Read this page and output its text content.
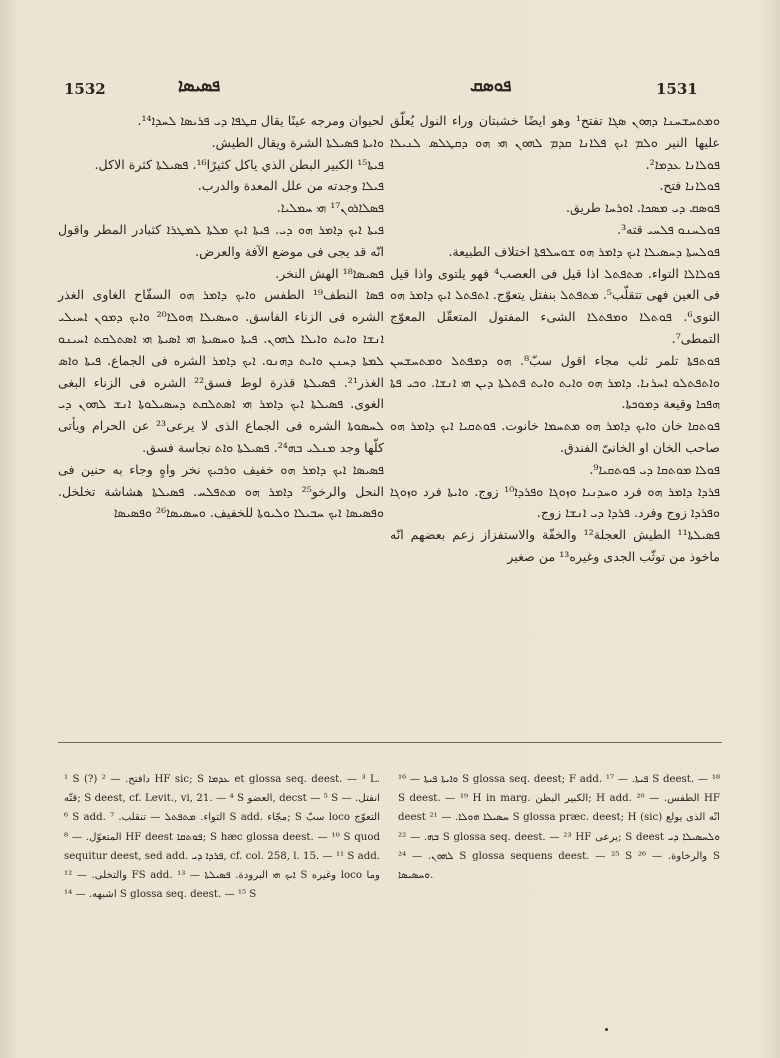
1532	ܦܣܝܣܐ	ܦܘܣܩ	1531

لحيوان ومرجه عينًا يقال ܩܛܦܐ ܕܝ ܦܪܝܣܐ ܠܚܕܐ¹⁴.

ܘܐܝܬܐ ܦܣܝܠܬܐ الشرة ويقال الطيش.

ܦܝܬܐ¹⁵ الكبير البطن الذي ياكل كثيرًا¹⁶. ܦܣܝܠܬܐ كثرة الاكل.

ܦܝܠܐ وجدته من علل المعدة والدرب.

ܦܣܠܐܪܘܢ¹⁷ ܗܝ ܚܡܠܝܐ.

ܦܝܬܐ ܐܝܟ ܕܐܡܪ ܗܘ ܕܝ. ܦܝܬܐ ܐܝܟ ܡܠܬܐ ܠܡܛܪܐ كثبادر المطر واقول انّه قد يجى فى موضع الآفة والعرض.

ܦܣܝܣܐ¹⁸ الهش النخر.

ܦܣܐ النطف¹⁹ الطفس ܘܐܝܟ ܕܐܡܪ ܗܘ السفّاح الغاوى الغذر الشره فى الزناء الفاسق. ܘܚܣܝܠܐ ܗܘܠܐ²⁰ ܘܐܝܟ ܕܡܘܢ ܐܚܝܠܝ ܐܢܫܐ ܘܐܝܬ ܘܐܝܠܐ ܠܗܘܢ. ܦܝܬܐ ܘܚܣܝܬܐ ܗܝ ܐܣܝܬܐ ܗܝ ܐܣܬܠܩܬ ܐܚܝܢܘ ܠܡܬܐ ܕܚܢܢ ܘܐܝܬ ܕܗܢܘ. ܐܝܟ ܕܐܡܪ الشره فى الجماع. ܦܝܬܐ ܘܐܣ الغذر²¹. ܦܣܝܠܬܐ قذرة لوط فسق²² الشره فى الزناء البغى الغوى. ܦܣܝܠܬܐ ܐܝܟ ܕܐܡܪ ܗܝ ܐܣܬܠܩܬ ܕܚܣܝܠܘܬܐ ܐܢܫ ܠܗܘܢ ܕܝ ܠܚܣܘܬܐ الشره فى الجماع الذى لا يرعى²³ عن الحرام ويأتى كلّها وجد ܡܢܠܝ ܒܗ²⁴. ܦܣܝܠܬܐ ܘܐܬ نجاسة فسق.

ܦܣܝܣܐ ܐܝܟ ܕܐܡܪ ܗܘ خفيف ܘܪܟܝܟ نخر واهٍ وجاء به حنين فى النحل والرخو²⁵ ܕܐܡܪ ܗܘ ܡܬܦܠܚ. ܦܣܝܠܬܐ هشاشة تخلخل. ܘܦܣܝܣܐ ܐܝܟ ܚܒܝܠܐ ܘܠܝܘܬܐ للخفيف. ܘܚܣܝܣܐ²⁶ ܘܦܣܝܣܐ

ܘܡܬܚܫܚܢܐ ܕܗܘܢ ܣܓܐ تفتح¹ وهو ايضًا خشبتان وراء النول يُعلّق عليها النير ܘܠܡ ܐܝܟ ܦܠܐܢܐ ܩܕܡ ܠܗܘܢ ܗܝ ܗܘ ܕܩܛܠܣ ܠܢܝܠܐ ܦܘܠܐܢܐ ܥܕܡܐ².

ܦܘܠܐܢܐ فتح.

ܦܘܣܩ ܕܝ ܡܣܟܐ. ܐܘܪܚܐ طريق.

ܦܘܠܚܢܘ ܦܠܚܝ قته³.

ܦܘܠܚܬܐ ܕܚܣܝܠܐ ܐܝܟ ܕܐܡܪ ܗܘ ܫܘܚܠܦܬܐ اختلاف الطبيعة.

ܦܘܠܐܠܐ التواء. ܡܬܦܬܠ اذا قيل فى العصب⁴ فهو يلتوى واذا قيل فى العين فهى تتقلّب⁵. ܡܬܦܬܠ بنفتل يتعوّج. ܐܬܦܬܠ ܐܝܟ ܕܐܡܪ ܗܘ التوى⁶. ܦܘܬܠܐ ܘܡܦܬܠܐ الشىء المفتول المتعقّل المعوّج التمطى⁷.

ܦܘܬܦܬܐ تلمر ثلب مجاء اقول سبّ⁸. ܗܘ ܕܡܦܬܠ ܘܡܬܚܫܚܢ ܘܐܬܦܬܠܘ ܐܚܪܢܐ. ܕܐܡܪ ܗܘ ܘܐܝܬ ܘܐܝܬ ܦܬܠܬܐ ܕܝܢ ܗܝ ܐܢܫܐ. ܘܟܝ ܦܬܐ ܗܦܟܐ وقيعة ܕܡܘܟܬܐ.

ܦܘܬܩܐ خان ܘܐܝܟ ܕܐܡܪ ܗܘ ܡܬܚܡܐ خانوت. ܦܘܬܩܝܐ ܐܝܟ ܕܐܡܪ ܗܘ صاحب الخان او الخانىّ الفندق.

ܦܘܠܐ ܡܘܬܩܐ ܕܝ ܦܘܬܩܝܐ⁹.

ܦܪܕܐ ܕܐܡܪ ܗܘ فرد ܘܚܕܢܝܐ ܘܙܘܓܐ ܘܦܪܕܐ¹⁰ زوج. ܘܐܝܬܐ فرد ܘܙܘܓܐ ܘܦܪܕܐ زوج وفرد. ܦܪܕܐ ܕܝ ܐܢܫܐ زوج.

ܦܣܝܠܬܐ¹¹ الطيش العجلة¹² والخفّة والاستفزاز زعم بعضهم انّه ماخوذ من توثّب الجدى وغيره¹³ من صغير

¹ S (?) دافتح. — ² HF sic; S ܥܕܡܐ et glossa seq. deest. — ³ L. قتّه; S deest, cf. Levit., vi, 21. — ⁴ S العضو, decst — ⁵ S انفتل. — ⁶ S add. التواء. ܡܬܦܬܠ — تنقلب. ⁷ S add. مجّاء; S سبّ loco التعوّج المتعوّل. — ⁸ HF deest ܦܘܬܩܐ; S hæc glossa deest. — ¹⁰ S quod sequitur deest, sed add. ܦܪܕܐ ܕܝ, cf. col. 258, l. 15. — ¹¹ S add. والتخلى. — ¹² FS add. ܐܝܟ ܗܝ البرودة. ܦܣܝܠܬܐ — ¹³ S وغيره loco وما اشبهه. — ¹⁴ S glossa seq. deest. — ¹⁵ S

ܘܐܝܬܐ ܦܝܬܐ — ¹⁶ S glossa seq. deest; F add. ܦܝܬܐ. — ¹⁷ S deest. — ¹⁸ S deest. — ¹⁹ H in marg. الكبير البطن; H add. الطفس. — ²⁰ HF deest ܚܣܝܠܐ ܗܘܠܐ. — ²¹ S glossa præc. deest; H (sic) انّه الذى يولع ܒܗ. — ²² S glossa seq. deest. — ²³ HF يرعى; S deest ܘܠܚܣܝܠܐ ܕܝ ܠܗܘܢ. — ²⁴ S glossa sequens deest. — ²⁵ S والرخاوة. — ²⁶ S ܘܚܣܝܣܐ.
